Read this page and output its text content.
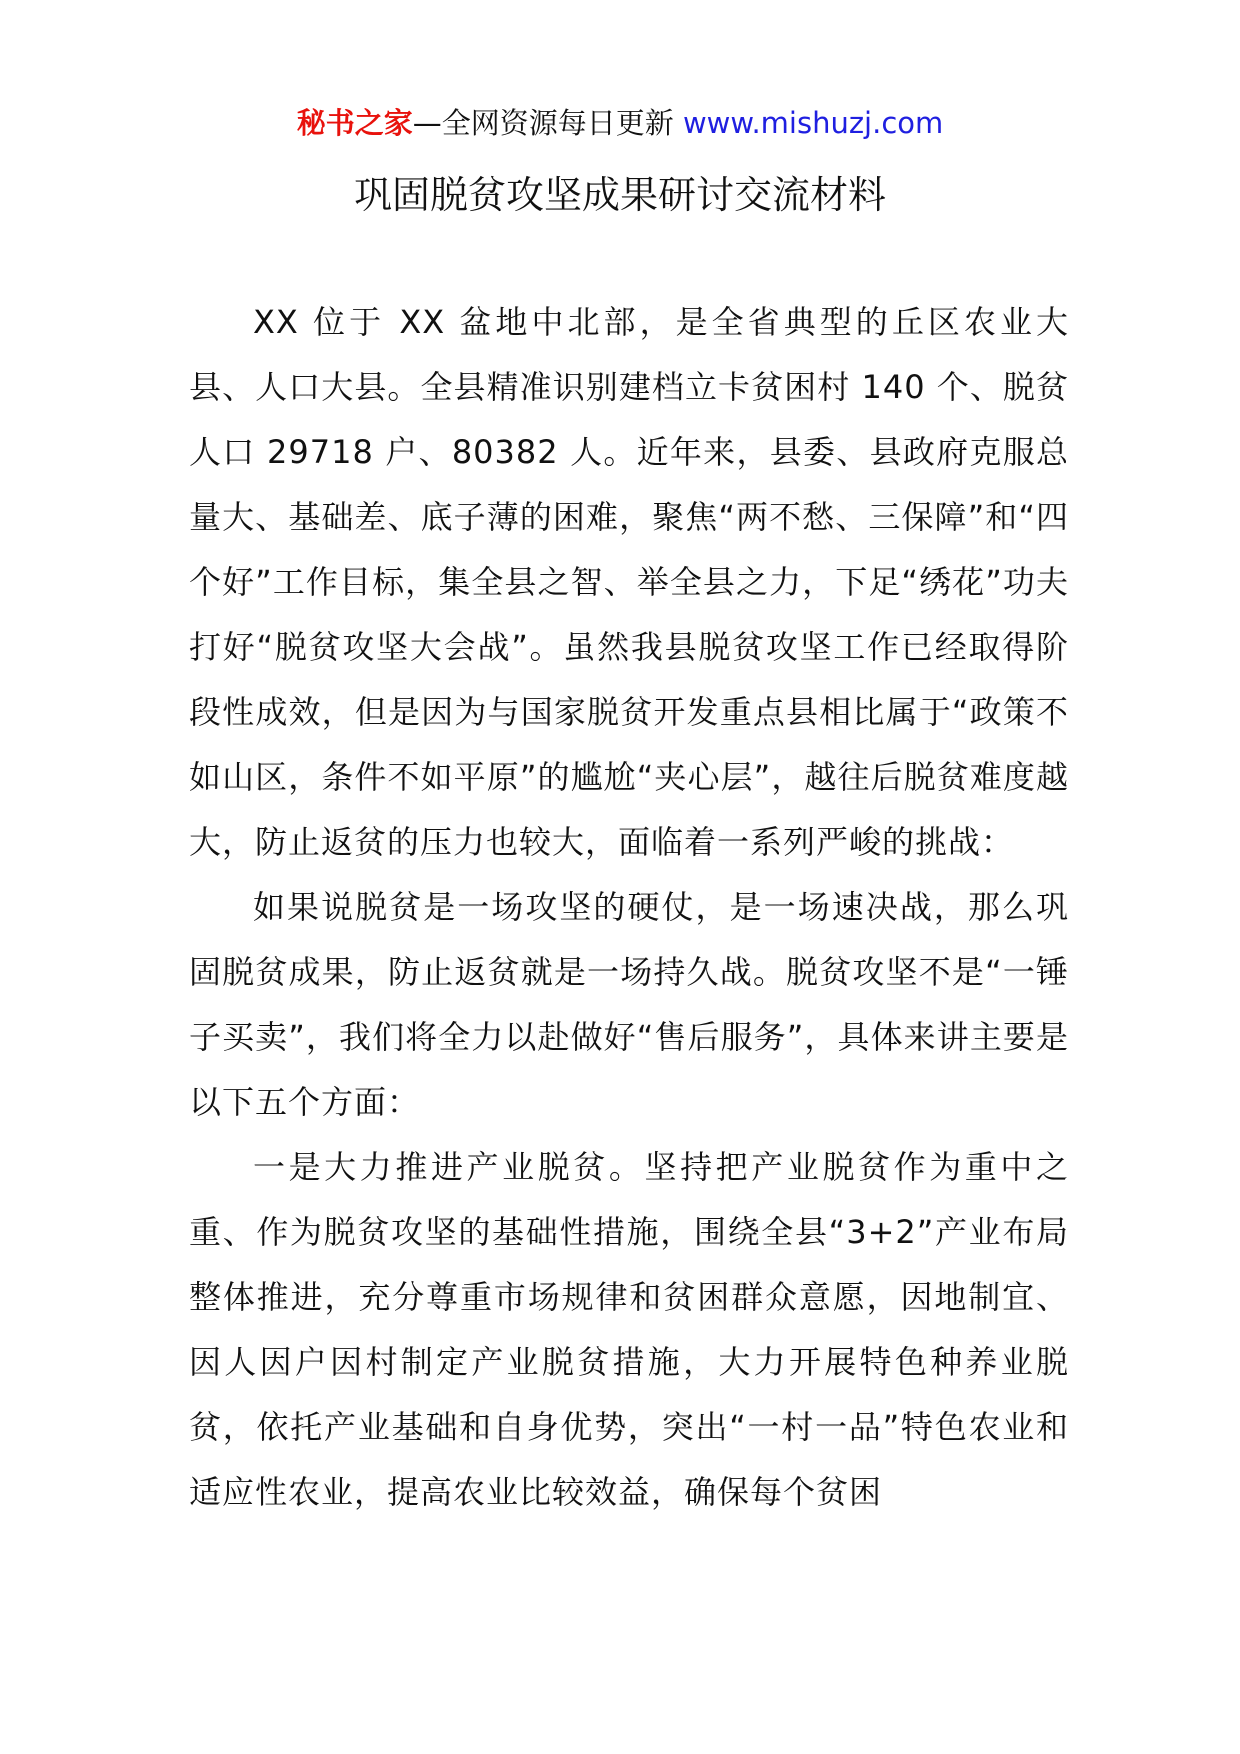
秘书之家—全网资源每日更新 www.mishuzj.com
巩固脱贫攻坚成果研讨交流材料

XX 位于 XX 盆地中北部，是全省典型的丘区农业大县、人口大县。全县精准识别建档立卡贫困村 140 个、脱贫人口 29718 户、80382 人。近年来，县委、县政府克服总量大、基础差、底子薄的困难，聚焦“两不愁、三保障”和“四个好”工作目标，集全县之智、举全县之力，下足“绣花”功夫打好“脱贫攻坚大会战”。虽然我县脱贫攻坚工作已经取得阶段性成效，但是因为与国家脱贫开发重点县相比属于“政策不如山区，条件不如平原”的尴尬“夹心层”，越往后脱贫难度越大，防止返贫的压力也较大，面临着一系列严峻的挑战：

如果说脱贫是一场攻坚的硬仗，是一场速决战，那么巩固脱贫成果，防止返贫就是一场持久战。脱贫攻坚不是“一锤子买卖”，我们将全力以赴做好“售后服务”，具体来讲主要是以下五个方面：

一是大力推进产业脱贫。坚持把产业脱贫作为重中之重、作为脱贫攻坚的基础性措施，围绕全县“3+2”产业布局整体推进，充分尊重市场规律和贫困群众意愿，因地制宜、因人因户因村制定产业脱贫措施，大力开展特色种养业脱贫，依托产业基础和自身优势，突出“一村一品”特色农业和适应性农业，提高农业比较效益，确保每个贫困
